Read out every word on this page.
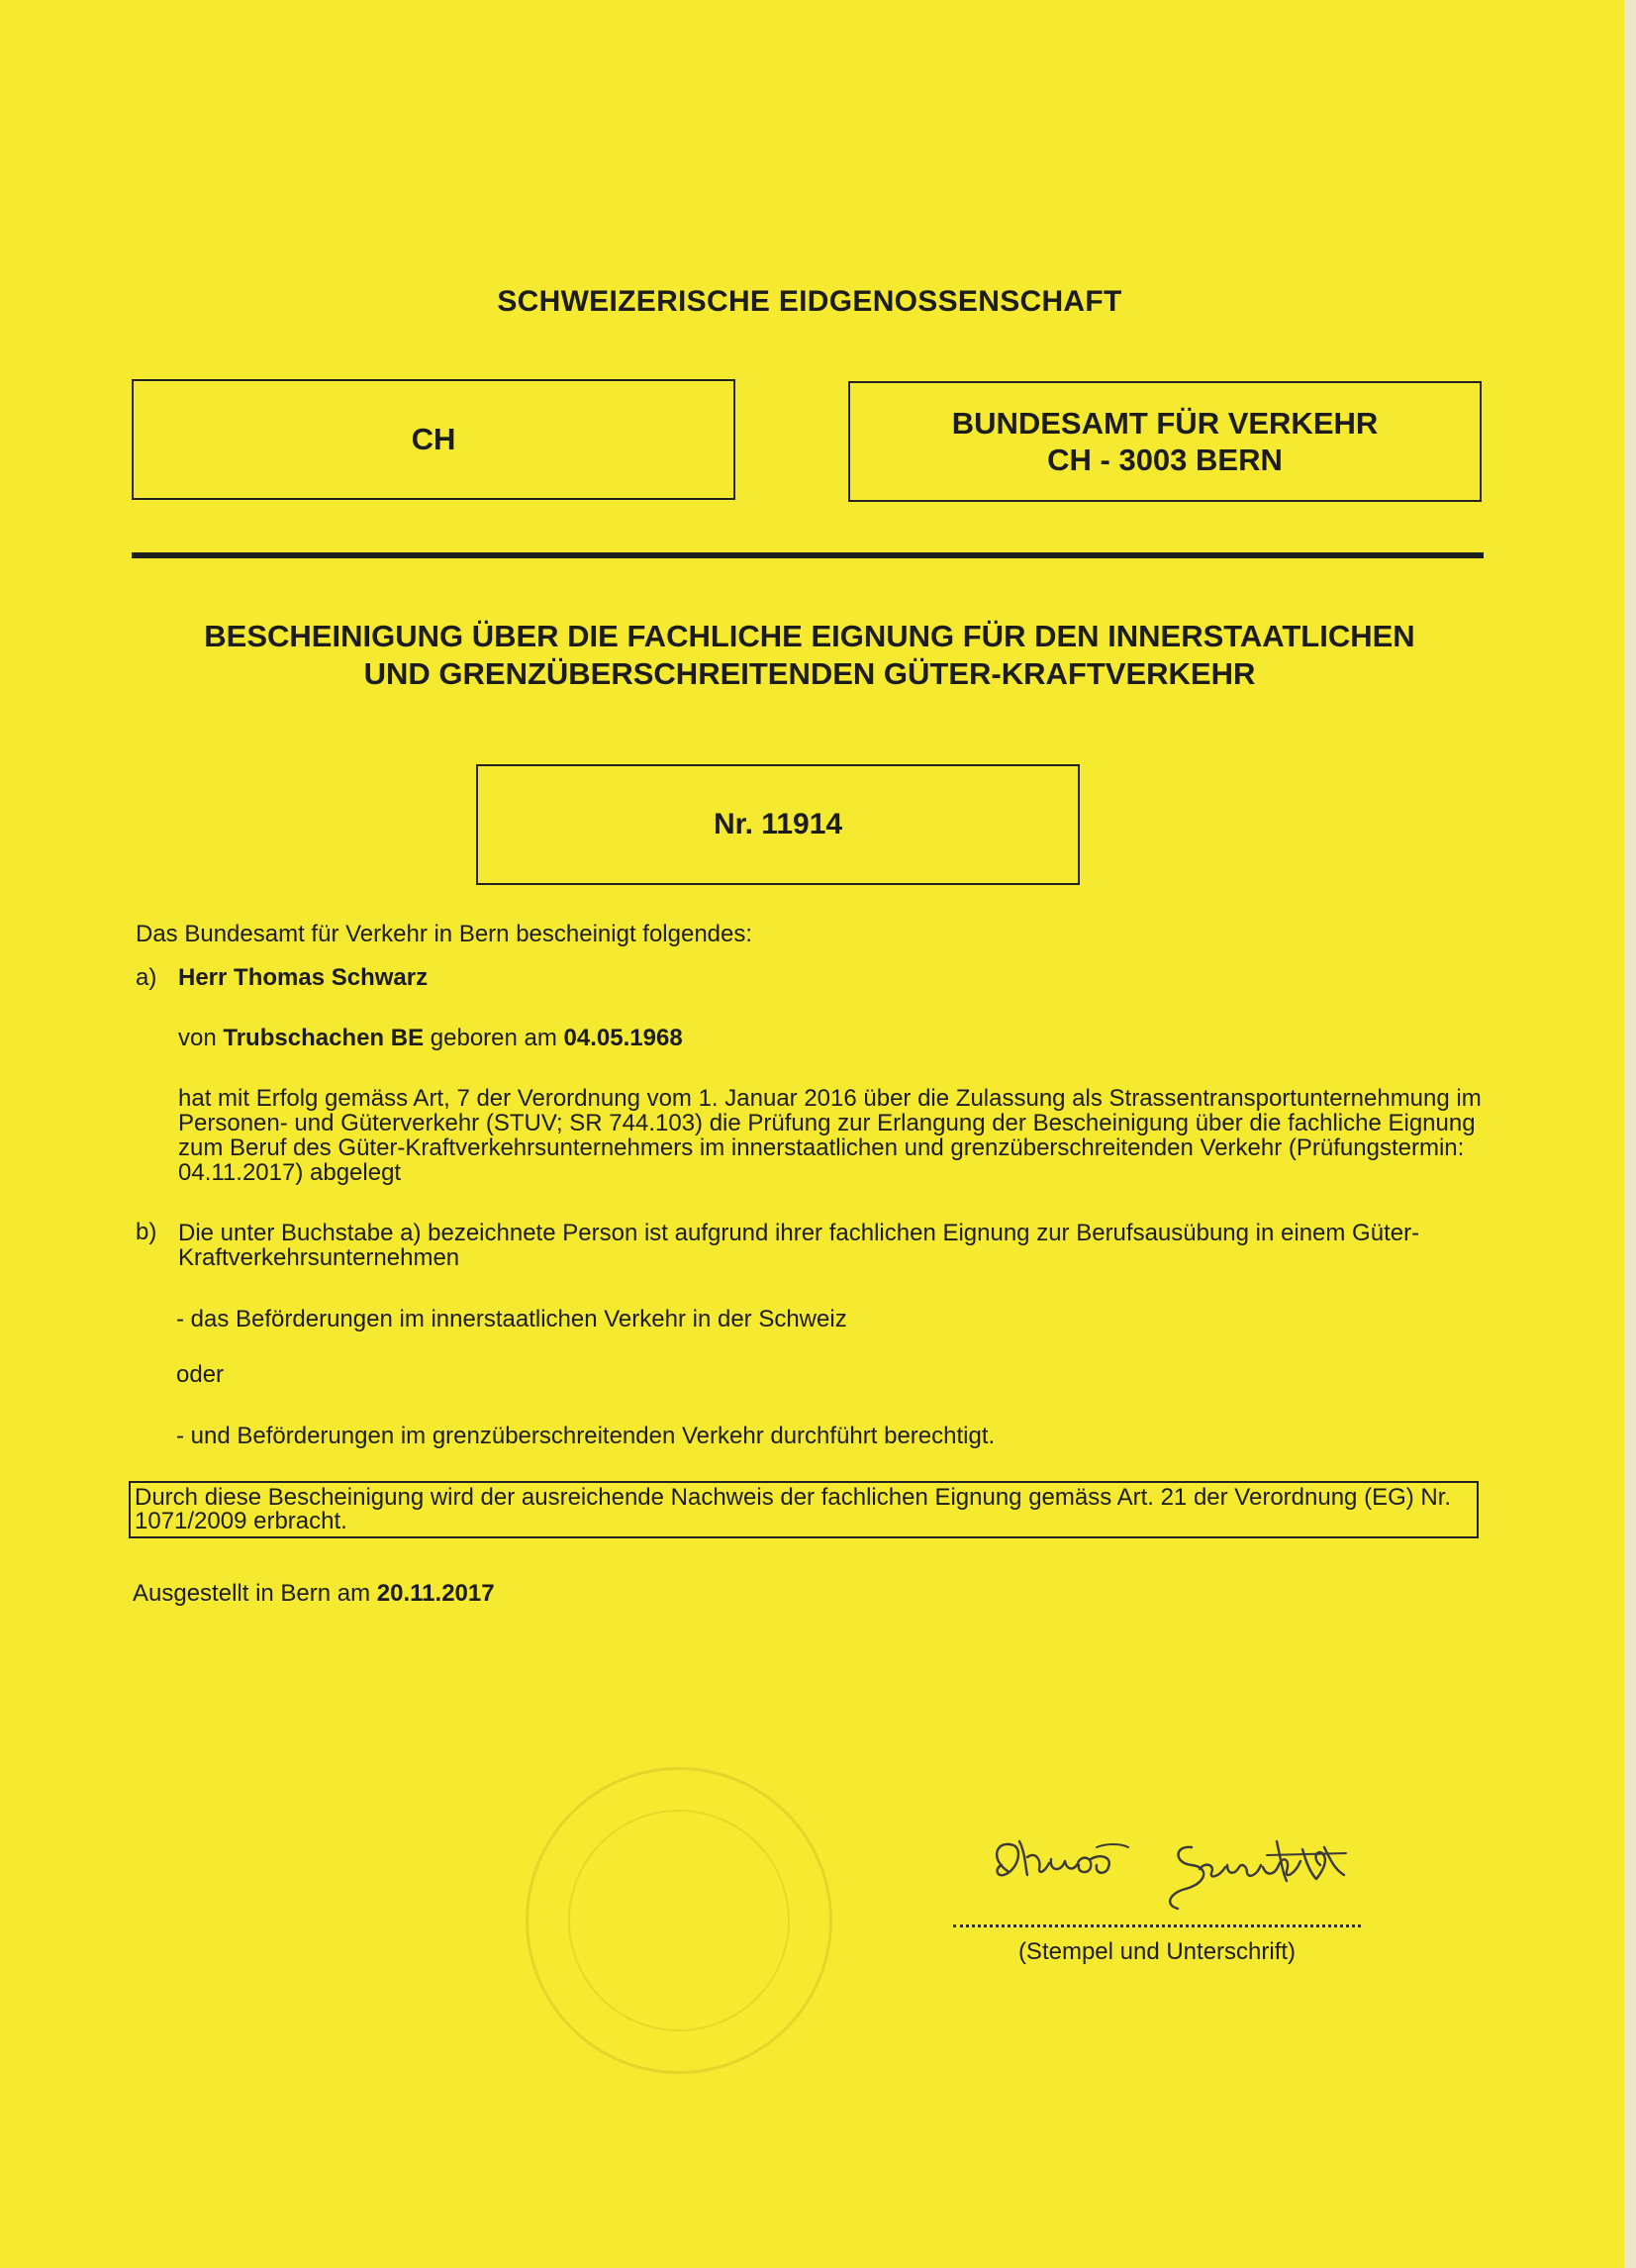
SCHWEIZERISCHE EIDGENOSSENSCHAFT
CH	BUNDESAMT FÜR VERKEHR
CH - 3003 BERN
BESCHEINIGUNG ÜBER DIE FACHLICHE EIGNUNG FÜR DEN INNERSTAATLICHEN
UND GRENZÜBERSCHREITENDEN GÜTER-KRAFTVERKEHR
Nr. 11914
Das Bundesamt für Verkehr in Bern bescheinigt folgendes:
a) Herr Thomas Schwarz
von Trubschachen BE geboren am 04.05.1968
hat mit Erfolg gemäss Art, 7 der Verordnung vom 1. Januar 2016 über die Zulassung als Strassentransportunternehmung im Personen- und Güterverkehr (STUV; SR 744.103) die Prüfung zur Erlangung der Bescheinigung über die fachliche Eignung zum Beruf des Güter-Kraftverkehrsunternehmers im innerstaatlichen und grenzüberschreitenden Verkehr (Prüfungstermin: 04.11.2017) abgelegt
b) Die unter Buchstabe a) bezeichnete Person ist aufgrund ihrer fachlichen Eignung zur Berufsausübung in einem Güter-Kraftverkehrsunternehmen
- das Beförderungen im innerstaatlichen Verkehr in der Schweiz
oder
- und Beförderungen im grenzüberschreitenden Verkehr durchführt berechtigt.
Durch diese Bescheinigung wird der ausreichende Nachweis der fachlichen Eignung gemäss Art. 21 der Verordnung (EG) Nr. 1071/2009 erbracht.
Ausgestellt in Bern am 20.11.2017
(Stempel und Unterschrift)
